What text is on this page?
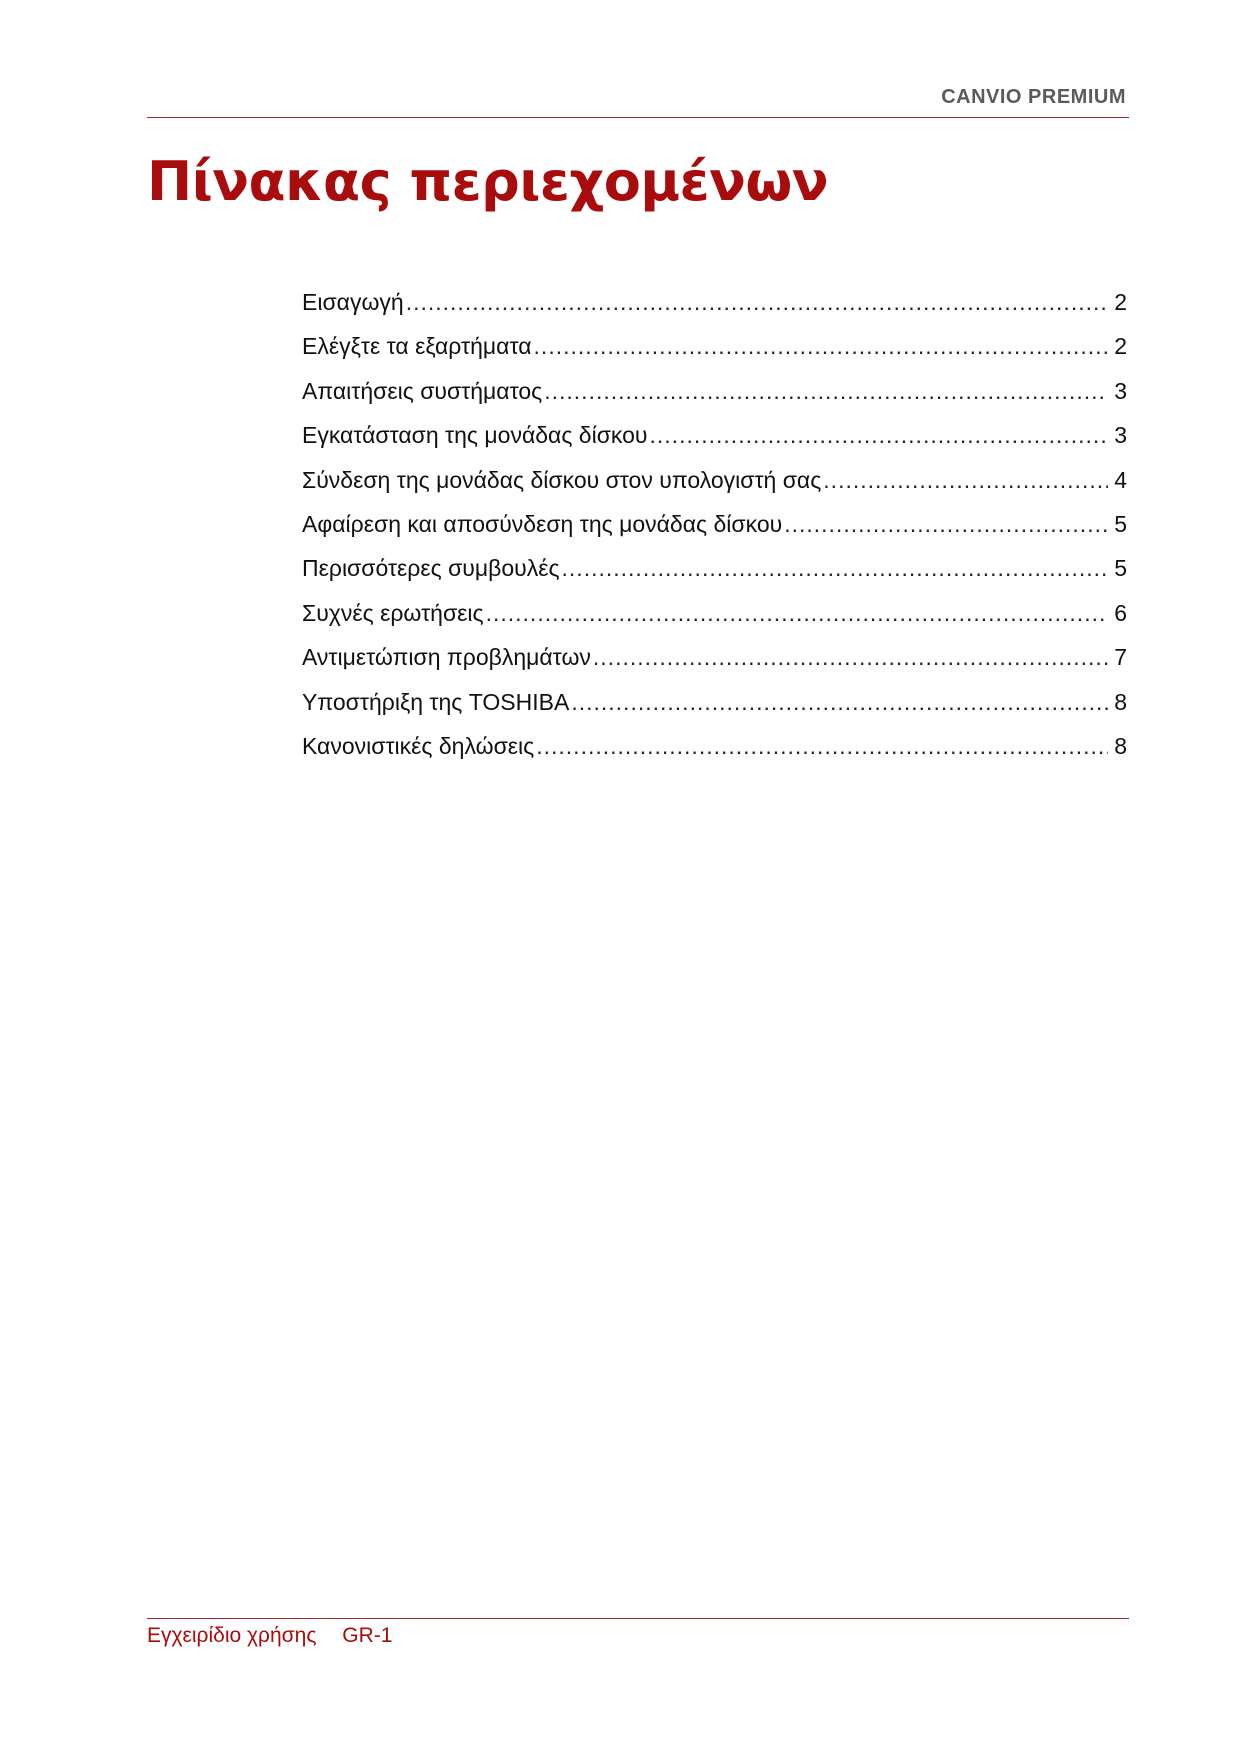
CANVIO PREMIUM
Πίνακας περιεχομένων
Εισαγωγή .....	2
Ελέγξτε τα εξαρτήματα .....	2
Απαιτήσεις συστήματος .....	3
Εγκατάσταση της μονάδας δίσκου .....	3
Σύνδεση της μονάδας δίσκου στον υπολογιστή σας .....	4
Αφαίρεση και αποσύνδεση της μονάδας δίσκου .....	5
Περισσότερες συμβουλές .....	5
Συχνές ερωτήσεις .....	6
Αντιμετώπιση προβλημάτων .....	7
Υποστήριξη της TOSHIBA .....	8
Κανονιστικές δηλώσεις .....	8
Εγχειρίδιο χρήσης GR-1
